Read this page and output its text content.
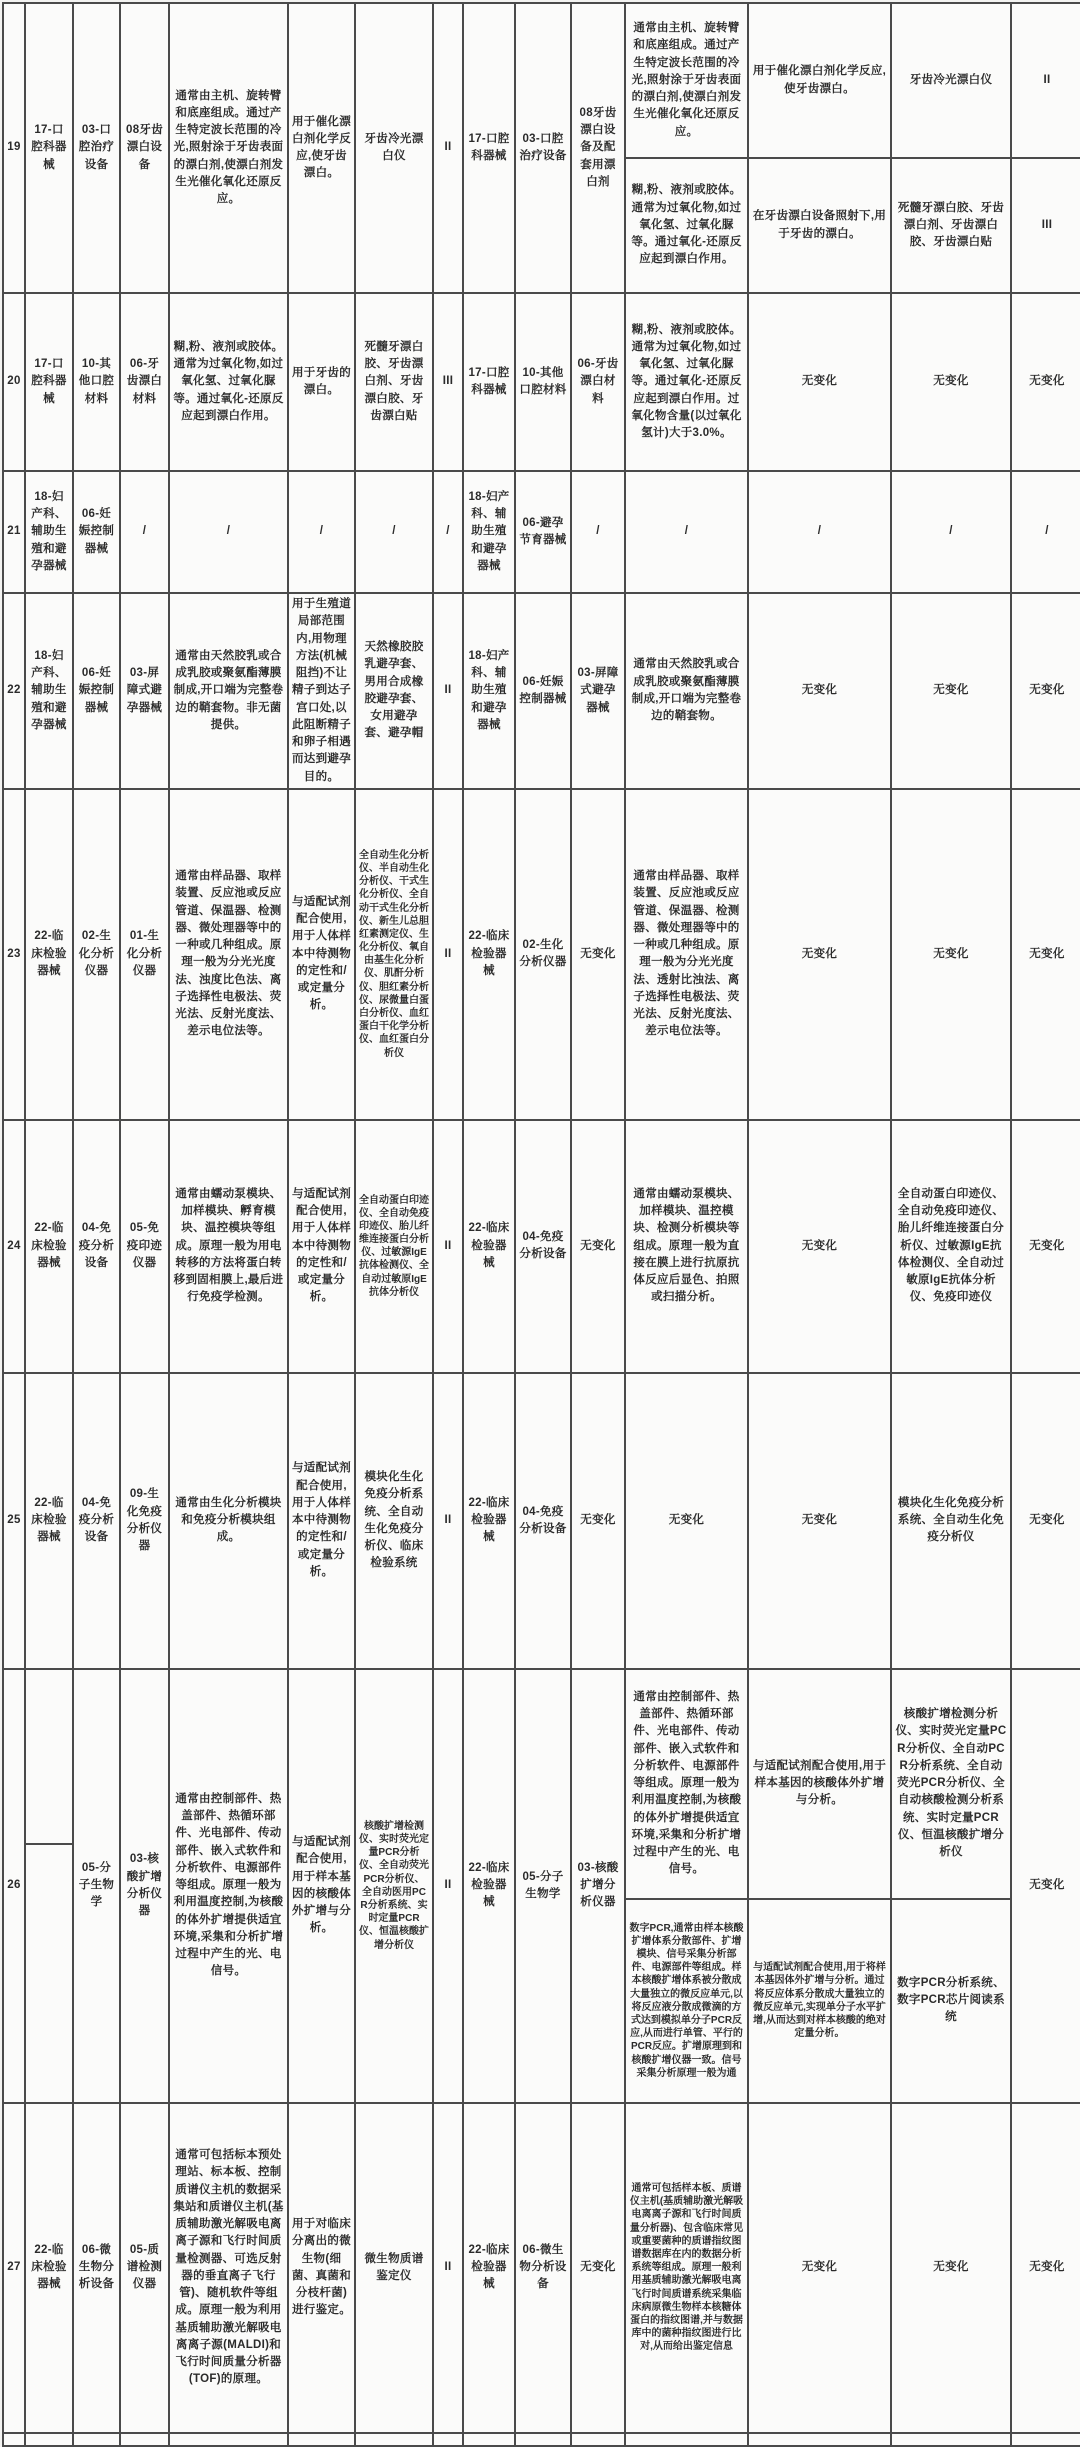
19	17-口腔科器械	03-口腔治疗设备	08牙齿漂白设备	通常由主机、旋转臂和底座组成。通过产生特定波长范围的冷光,照射涂于牙齿表面的漂白剂,使漂白剂发生光催化氧化还原反应。	用于催化漂白剂化学反应,使牙齿漂白。	牙齿冷光漂白仪	II	17-口腔科器械	03-口腔治疗设备	08牙齿漂白设备及配套用漂白剂	通常由主机、旋转臂和底座组成。通过产生特定波长范围的冷光,照射涂于牙齿表面的漂白剂,使漂白剂发生光催化氧化还原反应。	用于催化漂白剂化学反应,使牙齿漂白。	牙齿冷光漂白仪	II
											糊,粉、液剂或胶体。通常为过氧化物,如过氧化氢、过氧化脲等。通过氧化-还原反应起到漂白作用。	在牙齿漂白设备照射下,用于牙齿的漂白。	死髓牙漂白胶、牙齿漂白剂、牙齿漂白胶、牙齿漂白贴	III
20	17-口腔科器械	10-其他口腔材料	06-牙齿漂白材料	糊,粉、液剂或胶体。通常为过氧化物,如过氧化氢、过氧化脲等。通过氧化-还原反应起到漂白作用。	用于牙齿的漂白。	死髓牙漂白胶、牙齿漂白剂、牙齿漂白胶、牙齿漂白贴	III	17-口腔科器械	10-其他口腔材料	06-牙齿漂白材料	糊,粉、液剂或胶体。通常为过氧化物,如过氧化氢、过氧化脲等。通过氧化-还原反应起到漂白作用。过氧化物含量(以过氧化氢计)大于3.0%。	无变化	无变化	无变化
21	18-妇产科、辅助生殖和避孕器械	06-妊娠控制器械	/	/	/	/	/	18-妇产科、辅助生殖和避孕器械	06-避孕节育器械	/	/	/	/	/
22	18-妇产科、辅助生殖和避孕器械	06-妊娠控制器械	03-屏障式避孕器械	通常由天然胶乳或合成乳胶或聚氨酯薄膜制成,开口端为完整卷边的鞘套物。非无菌提供。	用于生殖道局部范围内,用物理方法(机械阻挡)不让精子到达子宫口处,以此阻断精子和卵子相遇而达到避孕目的。	天然橡胶胶乳避孕套、男用合成橡胶避孕套、女用避孕套、避孕帽	II	18-妇产科、辅助生殖和避孕器械	06-妊娠控制器械	03-屏障式避孕器械	通常由天然胶乳或合成乳胶或聚氨酯薄膜制成,开口端为完整卷边的鞘套物。	无变化	无变化	无变化
23	22-临床检验器械	02-生化分析仪器	01-生化分析仪器	通常由样品器、取样装置、反应池或反应管道、保温器、检测器、微处理器等中的一种或几种组成。原理一般为分光光度法、浊度比色法、离子选择性电极法、荧光法、反射光度法、差示电位法等。	与适配试剂配合使用,用于人体样本中待测物的定性和/或定量分析。	全自动生化分析仪、半自动生化分析仪、干式生化分析仪、全自动干式生化分析仪、新生儿总胆红素测定仪、生化分析仪、氧自由基生化分析仪、肌酐分析仪、胆红素分析仪、尿微量白蛋白分析仪、血红蛋白干化学分析仪、血红蛋白分析仪	II	22-临床检验器械	02-生化分析仪器	无变化	通常由样品器、取样装置、反应池或反应管道、保温器、检测器、微处理器等中的一种或几种组成。原理一般为分光光度法、透射比浊法、离子选择性电极法、荧光法、反射光度法、差示电位法等。	无变化	无变化	无变化
24	22-临床检验器械	04-免疫分析设备	05-免疫印迹仪器	通常由蠕动泵模块、加样模块、孵育模块、温控模块等组成。原理一般为用电转移的方法将蛋白转移到固相膜上,最后进行免疫学检测。	与适配试剂配合使用,用于人体样本中待测物的定性和/或定量分析。	全自动蛋白印迹仪、全自动免疫印迹仪、胎儿纤维连接蛋白分析仪、过敏源IgE抗体检测仪、全自动过敏原IgE抗体分析仪	II	22-临床检验器械	04-免疫分析设备	无变化	通常由蠕动泵模块、加样模块、温控模块、检测分析模块等组成。原理一般为直接在膜上进行抗原抗体反应后显色、拍照或扫描分析。	无变化	全自动蛋白印迹仪、全自动免疫印迹仪、胎儿纤维连接蛋白分析仪、过敏源IgE抗体检测仪、全自动过敏原IgE抗体分析仪、免疫印迹仪	无变化
25	22-临床检验器械	04-免疫分析设备	09-生化免疫分析仪器	通常由生化分析模块和免疫分析模块组成。	与适配试剂配合使用,用于人体样本中待测物的定性和/或定量分析。	模块化生化免疫分析系统、全自动生化免疫分析仪、临床检验系统	II	22-临床检验器械	04-免疫分析设备	无变化	无变化	无变化	模块化生化免疫分析系统、全自动生化免疫分析仪	无变化
26		05-分子生物学	03-核酸扩增分析仪器	通常由控制部件、热盖部件、热循环部件、光电部件、传动部件、嵌入式软件和分析软件、电源部件等组成。原理一般为利用温度控制,为核酸的体外扩增提供适宜环境,采集和分析扩增过程中产生的光、电信号。	与适配试剂配合使用,用于样本基因的核酸体外扩增与分析。	核酸扩增检测仪、实时荧光定量PCR分析仪、全自动荧光PCR分析仪、全自动医用PCR分析系统、实时定量PCR仪、恒温核酸扩增分析仪	II	22-临床检验器械	05-分子生物学	03-核酸扩增分析仪器	通常由控制部件、热盖部件、热循环部件、光电部件、传动部件、嵌入式软件和分析软件、电源部件等组成。原理一般为利用温度控制,为核酸的体外扩增提供适宜环境,采集和分析扩增过程中产生的光、电信号。	与适配试剂配合使用,用于样本基因的核酸体外扩增与分析。	核酸扩增检测分析仪、实时荧光定量PCR分析仪、全自动PCR分析系统、全自动荧光PCR分析仪、全自动核酸检测分析系统、实时定量PCR仪、恒温核酸扩增分析仪	无变化
											数字PCR,通常由样本核酸扩增体系分散部件、扩增模块、信号采集分析部件、电源部件等组成。样本核酸扩增体系被分散成大量独立的微反应单元,以将反应液分散成微滴的方式达到模拟单分子PCR反应,从而进行单管、平行的PCR反应。扩增原理到和核酸扩增仪器一致。信号采集分析原理一般为通	与适配试剂配合使用,用于将样本基因体外扩增与分析。通过将反应体系分散成大量独立的微反应单元,实现单分子水平扩增,从而达到对样本核酸的绝对定量分析。	数字PCR分析系统、数字PCR芯片阅读系统	
27	22-临床检验器械	06-微生物分析设备	05-质谱检测仪器	通常可包括标本预处理站、标本板、控制质谱仪主机的数据采集站和质谱仪主机(基质辅助激光解吸电离离子源和飞行时间质量检测器、可选反射器的垂直离子飞行管)、随机软件等组成。原理一般为利用基质辅助激光解吸电离离子源(MALDI)和飞行时间质量分析器(TOF)的原理。	用于对临床分离出的微生物(细菌、真菌和分枝杆菌)进行鉴定。	微生物质谱鉴定仪	II	22-临床检验器械	06-微生物分析设备	无变化	通常可包括样本板、质谱仪主机(基质辅助激光解吸电离离子源和飞行时间质量分析器)、包含临床常见或重要菌种的质谱指纹图谱数据库在内的数据分析系统等组成。原理一般利用基质辅助激光解吸电离飞行时间质谱系统采集临床病原微生物样本核糖体蛋白的指纹图谱,并与数据库中的菌种指纹图进行比对,从而给出鉴定信息	无变化	无变化	无变化
